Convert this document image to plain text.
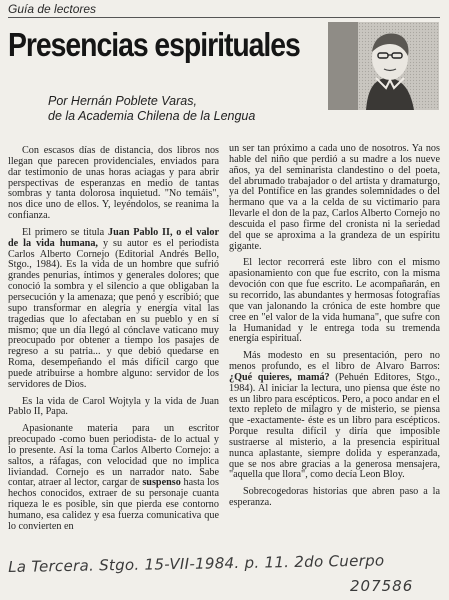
Guía de lectores
Presencias espirituales
Por Hernán Poblete Varas,
de la Academia Chilena de la Lengua

Con escasos días de distancia, dos libros nos llegan que parecen providenciales, enviados para dar testimonio de unas horas aciagas y para abrir perspectivas de esperanzas en medio de tantas sombras y tanta dolorosa inquietud. "No temáis", nos dice uno de ellos. Y, leyéndolos, se reanima la confianza.

El primero se titula Juan Pablo II, o el valor de la vida humana, y su autor es el periodista Carlos Alberto Cornejo (Editorial Andrés Bello, Stgo., 1984). Es la vida de un hombre que sufrió grandes penurias, íntimos y generales dolores; que conoció la sombra y el silencio a que obligaban la persecución y la amenaza; que penó y escribió; que supo transformar en alegría y energía vital las tragedias que lo afectaban en su pueblo y en sí mismo; que un día llegó al cónclave vaticano muy preocupado por obtener a tiempo los pasajes de regreso a su patria... y que debió quedarse en Roma, desempeñando el más difícil cargo que puede atribuirse a hombre alguno: servidor de los servidores de Dios.

Es la vida de Carol Wojtyla y la vida de Juan Pablo II, Papa.

Apasionante materia para un escritor preocupado -como buen periodista- de lo actual y lo presente. Así la toma Carlos Alberto Cornejo: a saltos, a ráfagas, con velocidad que no implica liviandad. Cornejo es un narrador nato. Sabe contar, atraer al lector, cargar de suspenso hasta los hechos conocidos, extraer de su personaje cuanta riqueza le es posible, sin que pierda ese contorno humano, esa calidez y esa fuerza comunicativa que lo convierten en

un ser tan próximo a cada uno de nosotros. Ya nos hable del niño que perdió a su madre a los nueve años, ya del seminarista clandestino o del poeta, del abrumado trabajador o del artista y dramaturgo, ya del Pontífice en las grandes solemnidades o del hermano que va a la celda de su victimario para llevarle el don de la paz, Carlos Alberto Cornejo no descuida el paso firme del cronista ni la seriedad del que se aproxima a la grandeza de un espíritu gigante.

El lector recorrerá este libro con el mismo apasionamiento con que fue escrito, con la misma devoción con que fue escrito. Le acompañarán, en su recorrido, las abundantes y hermosas fotografías que van jalonando la crónica de este hombre que cree en "el valor de la vida humana", que sufre con la Humanidad y le entrega toda su tremenda energía espiritual.

Más modesto en su presentación, pero no menos profundo, es el libro de Alvaro Barros: ¿Qué quieres, mamá? (Pehuén Editores, Stgo., 1984). Al iniciar la lectura, uno piensa que éste no es un libro para escépticos. Pero, a poco andar en el texto repleto de milagro y de misterio, se piensa que -exactamente- éste es un libro para escépticos. Porque resulta difícil y diría que imposible sustraerse al misterio, a la presencia espiritual nunca aplastante, siempre dolida y esperanzada, que se nos abre gracias a la generosa mensajera, "aquella que llora", como decía Leon Bloy.

Sobrecogedoras historias que abren paso a la esperanza.

La Tercera. Stgo. 15-VII-1984. p. 11. 2do Cuerpo
207586
